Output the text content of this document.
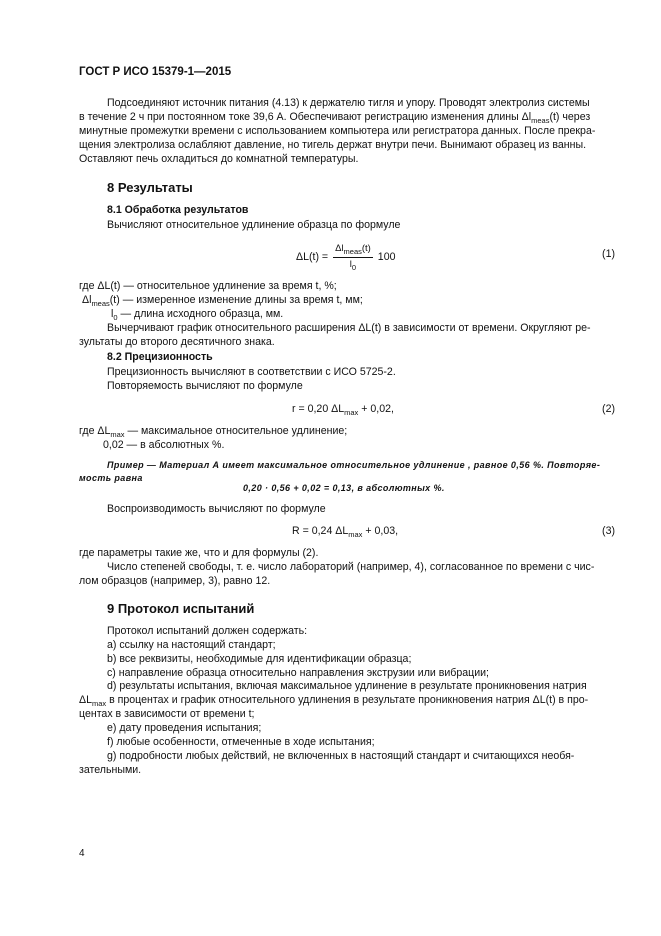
ГОСТ Р ИСО 15379-1—2015
Подсоединяют источник питания (4.13) к держателю тигля и упору. Проводят электролиз системы
в течение 2 ч при постоянном токе 39,6 А. Обеспечивают регистрацию изменения длины $\Delta l_{meas}(t)$ через
минутные промежутки времени с использованием компьютера или регистратора данных. После прекра-
щения электролиза ослабляют давление, но тигель держат внутри печи. Вынимают образец из ванны.
Оставляют печь охладиться до комнатной температуры.
8 Результаты
8.1 Обработка результатов
Вычисляют относительное удлинение образца по формуле
$\Delta L(t) = \frac{\Delta l_{meas}(t)}{l_0} 100$	(1)
где ΔL(t) — относительное удлинение за время t, %;
$\Delta l_{meas}(t)$ — измеренное изменение длины за время t, мм;
$l_0$ — длина исходного образца, мм.
Вычерчивают график относительного расширения ΔL(t) в зависимости от времени. Округляют ре-
зультаты до второго десятичного знака.
8.2 Прецизионность
Прецизионность вычисляют в соответствии с ИСО 5725-2.
Повторяемость вычисляют по формуле
r = 0,20 $\Delta L_{max} + 0,02$,	(2)
где $\Delta L_{max}$ — максимальное относительное удлинение;
0,02 — в абсолютных %.
Пример — Материал А имеет максимальное относительное удлинение , равное 0,56 %. Повторяе-
мость равна
0,20 · 0,56 + 0,02 = 0,13, в абсолютных %.
Воспроизводимость вычисляют по формуле
R = 0,24 $\Delta L_{max} + 0,03$,	(3)
где параметры такие же, что и для формулы (2).
Число степеней свободы, т. е. число лабораторий (например, 4), согласованное по времени с чис-
лом образцов (например, 3), равно 12.
9 Протокол испытаний
Протокол испытаний должен содержать:
a) ссылку на настоящий стандарт;
b) все реквизиты, необходимые для идентификации образца;
c) направление образца относительно направления экструзии или вибрации;
d) результаты испытания, включая максимальное удлинение в результате проникновения натрия
$\Delta L_{max}$ в процентах и график относительного удлинения в результате проникновения натрия ΔL(t) в про-
центах в зависимости от времени t;
e) дату проведения испытания;
f) любые особенности, отмеченные в ходе испытания;
g) подробности любых действий, не включенных в настоящий стандарт и считающихся необя-
зательными.
4
